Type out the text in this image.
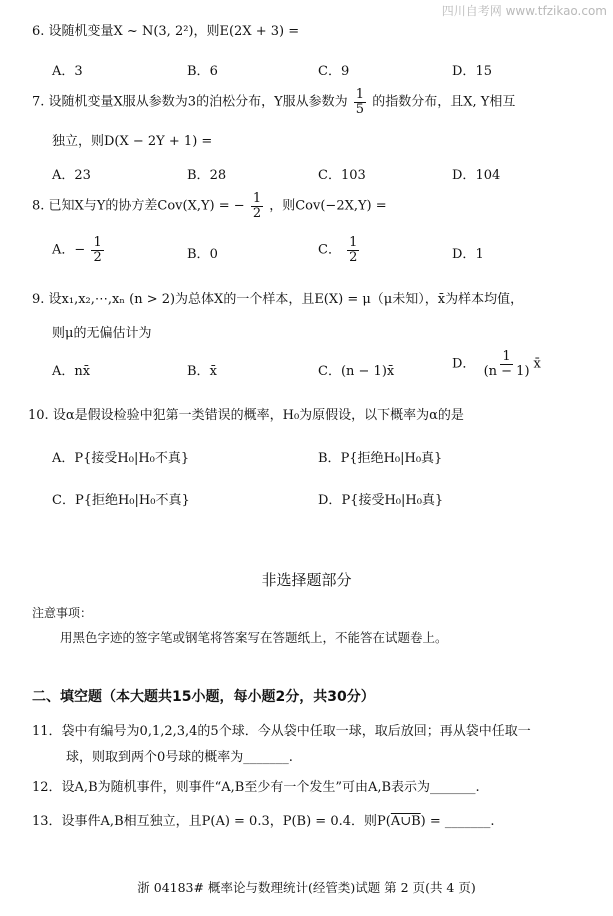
四川自考网 www.tfzikao.com
6. 设随机变量X ~ N(3, 2²)，则E(2X + 3) =
A．3	B．6	C．9	D．15
7. 设随机变量X服从参数为3的泊松分布，Y服从参数为 $\frac{1}{5}$ 的指数分布，且X, Y相互
独立，则D(X − 2Y + 1) =
A．23	B．28	C．103	D．104
8. 已知X与Y的协方差Cov(X,Y) = − $\frac{1}{2}$ ，则Cov(−2X,Y) =
A．− $\frac{1}{2}$	B．0	C． $\frac{1}{2}$	D．1
9. 设x₁,x₂,⋯,xₙ (n > 2)为总体X的一个样本，且E(X) = μ（μ未知），x̄为样本均值，
则μ的无偏估计为
A．nx̄	B．x̄	C．(n − 1)x̄	D． $\frac{1}{(n - 1)}$ x̄
10. 设α是假设检验中犯第一类错误的概率，H₀为原假设，以下概率为α的是
A．P{接受H₀|H₀不真}	B．P{拒绝H₀|H₀真}
C．P{拒绝H₀|H₀不真}	D．P{接受H₀|H₀真}
非选择题部分
注意事项：
用黑色字迹的签字笔或钢笔将答案写在答题纸上，不能答在试题卷上。
二、填空题（本大题共15小题，每小题2分，共30分）
11．袋中有编号为0,1,2,3,4的5个球．今从袋中任取一球，取后放回；再从袋中任取一
球，则取到两个0号球的概率为_______.
12．设A,B为随机事件，则事件“A,B至少有一个发生”可由A,B表示为_______.
13．设事件A,B相互独立，且P(A) = 0.3，P(B) = 0.4．则P(A∪B) = _______.
浙 04183# 概率论与数理统计(经管类)试题 第 2 页(共 4 页)
